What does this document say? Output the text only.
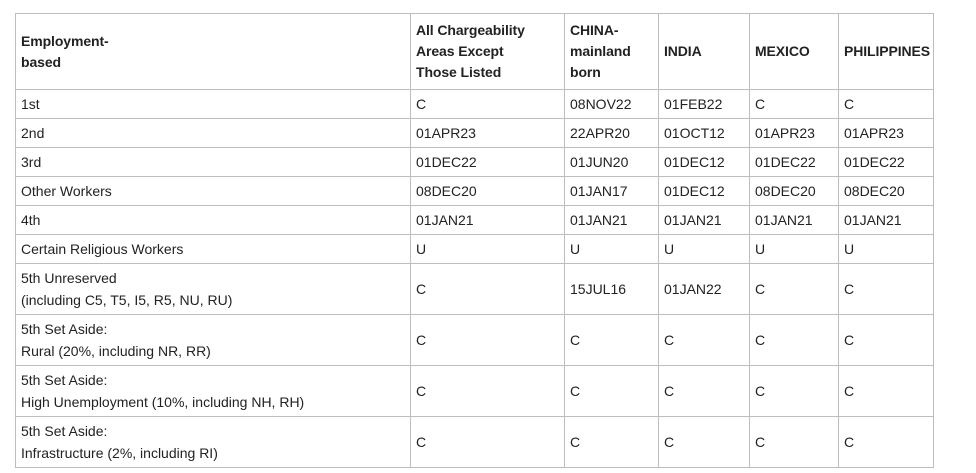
Employment-
based	All Chargeability
Areas Except
Those Listed	CHINA-
mainland
born	INDIA	MEXICO	PHILIPPINES

1st	C	08NOV22	01FEB22	C	C
2nd	01APR23	22APR20	01OCT12	01APR23	01APR23
3rd	01DEC22	01JUN20	01DEC12	01DEC22	01DEC22
Other Workers	08DEC20	01JAN17	01DEC12	08DEC20	08DEC20
4th	01JAN21	01JAN21	01JAN21	01JAN21	01JAN21
Certain Religious Workers	U	U	U	U	U

5th Unreserved
(including C5, T5, I5, R5, NU, RU)	C	15JUL16	01JAN22	C	C

5th Set Aside:
Rural (20%, including NR, RR)	C	C	C	C	C

5th Set Aside:
High Unemployment (10%, including NH, RH)	C	C	C	C	C

5th Set Aside:
Infrastructure (2%, including RI)	C	C	C	C	C
